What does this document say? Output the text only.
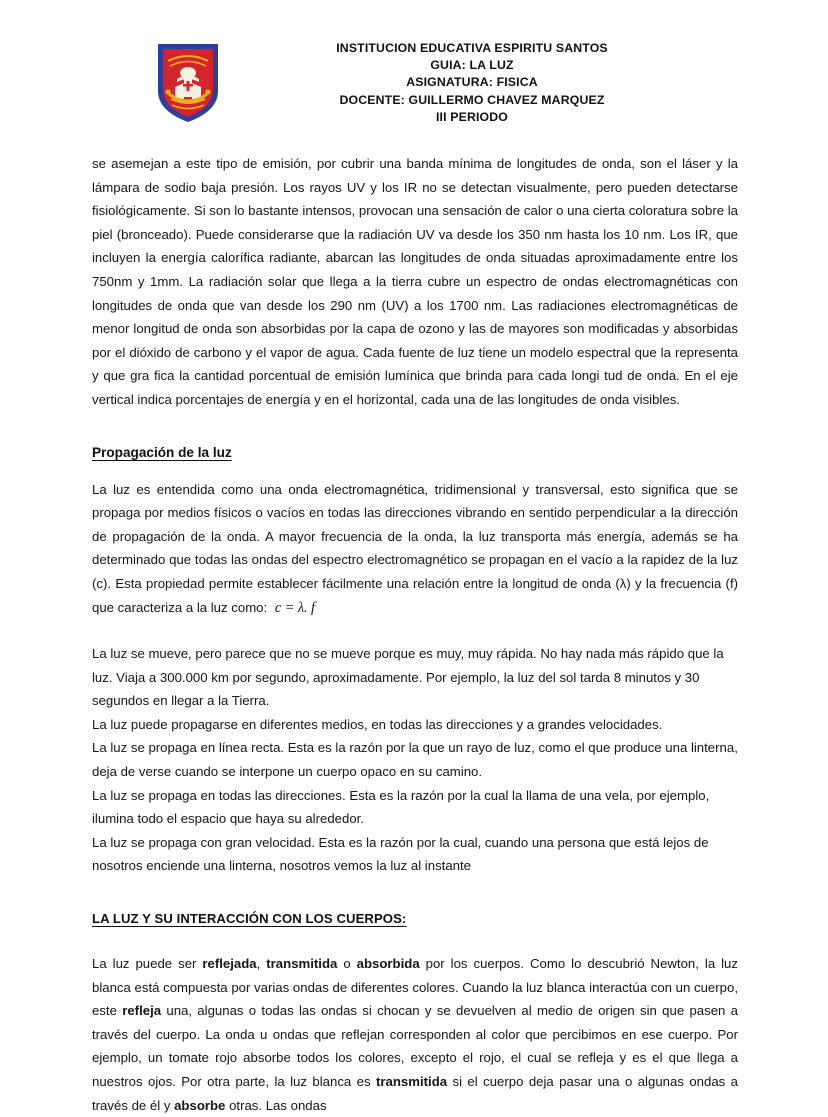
INSTITUCION EDUCATIVA ESPIRITU SANTOS
GUIA: LA LUZ
ASIGNATURA: FISICA
DOCENTE: GUILLERMO CHAVEZ MARQUEZ
III PERIODO

se asemejan a este tipo de emisión, por cubrir una banda mínima de longitudes de onda, son el láser y la lámpara de sodio baja presión. Los rayos UV y los IR no se detectan visualmente, pero pueden detectarse fisiológicamente. Si son lo bastante intensos, provocan una sensación de calor o una cierta coloratura sobre la piel (bronceado). Puede considerarse que la radiación UV va desde los 350 nm hasta los 10 nm. Los IR, que incluyen la energía calorífica radiante, abarcan las longitudes de onda situadas aproximadamente entre los 750nm y 1mm. La radiación solar que llega a la tierra cubre un espectro de ondas electromagnéticas con longitudes de onda que van desde los 290 nm (UV) a los 1700 nm. Las radiaciones electromagnéticas de menor longitud de onda son absorbidas por la capa de ozono y las de mayores son modificadas y absorbidas por el dióxido de carbono y el vapor de agua. Cada fuente de luz tiene un modelo espectral que la representa y que gra fica la cantidad porcentual de emisión lumínica que brinda para cada longi tud de onda. En el eje vertical indica porcentajes de energía y en el horizontal, cada una de las longitudes de onda visibles.

Propagación de la luz

La luz es entendida como una onda electromagnética, tridimensional y transversal, esto significa que se propaga por medios físicos o vacíos en todas las direcciones vibrando en sentido perpendicular a la dirección de propagación de la onda. A mayor frecuencia de la onda, la luz transporta más energía, además se ha determinado que todas las ondas del espectro electromagnético se propagan en el vacío a la rapidez de la luz (c). Esta propiedad permite establecer fácilmente una relación entre la longitud de onda (λ) y la frecuencia (f) que caracteriza a la luz como: c = λ. f

La luz se mueve, pero parece que no se mueve porque es muy, muy rápida. No hay nada más rápido que la luz. Viaja a 300.000 km por segundo, aproximadamente. Por ejemplo, la luz del sol tarda 8 minutos y 30 segundos en llegar a la Tierra.

La luz puede propagarse en diferentes medios, en todas las direcciones y a grandes velocidades.

La luz se propaga en línea recta. Esta es la razón por la que un rayo de luz, como el que produce una linterna, deja de verse cuando se interpone un cuerpo opaco en su camino.

La luz se propaga en todas las direcciones. Esta es la razón por la cual la llama de una vela, por ejemplo, ilumina todo el espacio que haya su alrededor.

La luz se propaga con gran velocidad. Esta es la razón por la cual, cuando una persona que está lejos de nosotros enciende una linterna, nosotros vemos la luz al instante

LA LUZ Y SU INTERACCIÓN CON LOS CUERPOS:

La luz puede ser reflejada, transmitida o absorbida por los cuerpos. Como lo descubrió Newton, la luz blanca está compuesta por varias ondas de diferentes colores. Cuando la luz blanca interactúa con un cuerpo, este refleja una, algunas o todas las ondas si chocan y se devuelven al medio de origen sin que pasen a través del cuerpo. La onda u ondas que reflejan corresponden al color que percibimos en ese cuerpo. Por ejemplo, un tomate rojo absorbe todos los colores, excepto el rojo, el cual se refleja y es el que llega a nuestros ojos. Por otra parte, la luz blanca es transmitida si el cuerpo deja pasar una o algunas ondas a través de él y absorbe otras. Las ondas
